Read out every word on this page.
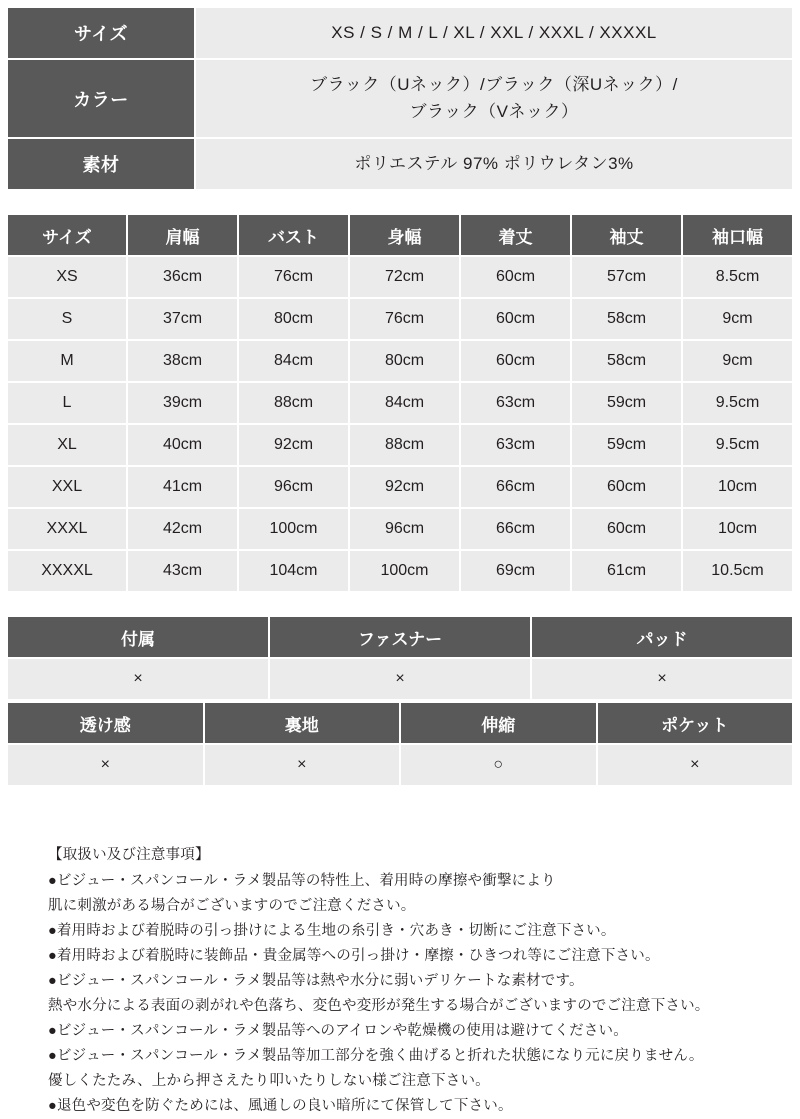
サイズ	XS / S / M / L / XL / XXL / XXXL / XXXXL
カラー	ブラック（Uネック）/ブラック（深Uネック）/
ブラック（Vネック）
素材	ポリエステル 97% ポリウレタン3%
サイズ	肩幅	バスト	身幅	着丈	袖丈	袖口幅
XS	36cm	76cm	72cm	60cm	57cm	8.5cm
S	37cm	80cm	76cm	60cm	58cm	9cm
M	38cm	84cm	80cm	60cm	58cm	9cm
L	39cm	88cm	84cm	63cm	59cm	9.5cm
XL	40cm	92cm	88cm	63cm	59cm	9.5cm
XXL	41cm	96cm	92cm	66cm	60cm	10cm
XXXL	42cm	100cm	96cm	66cm	60cm	10cm
XXXXL	43cm	104cm	100cm	69cm	61cm	10.5cm
付属	ファスナー	パッド
×	×	×
透け感	裏地	伸縮	ポケット
×	×	○	×
【取扱い及び注意事項】
●ビジュー・スパンコール・ラメ製品等の特性上、着用時の摩擦や衝撃により
肌に刺激がある場合がございますのでご注意ください。
●着用時および着脱時の引っ掛けによる生地の糸引き・穴あき・切断にご注意下さい。
●着用時および着脱時に装飾品・貴金属等への引っ掛け・摩擦・ひきつれ等にご注意下さい。
●ビジュー・スパンコール・ラメ製品等は熱や水分に弱いデリケートな素材です。
熱や水分による表面の剥がれや色落ち、変色や変形が発生する場合がございますのでご注意下さい。
●ビジュー・スパンコール・ラメ製品等へのアイロンや乾燥機の使用は避けてください。
●ビジュー・スパンコール・ラメ製品等加工部分を強く曲げると折れた状態になり元に戻りません。
優しくたたみ、上から押さえたり叩いたりしない様ご注意下さい。
●退色や変色を防ぐためには、風通しの良い暗所にて保管して下さい。
